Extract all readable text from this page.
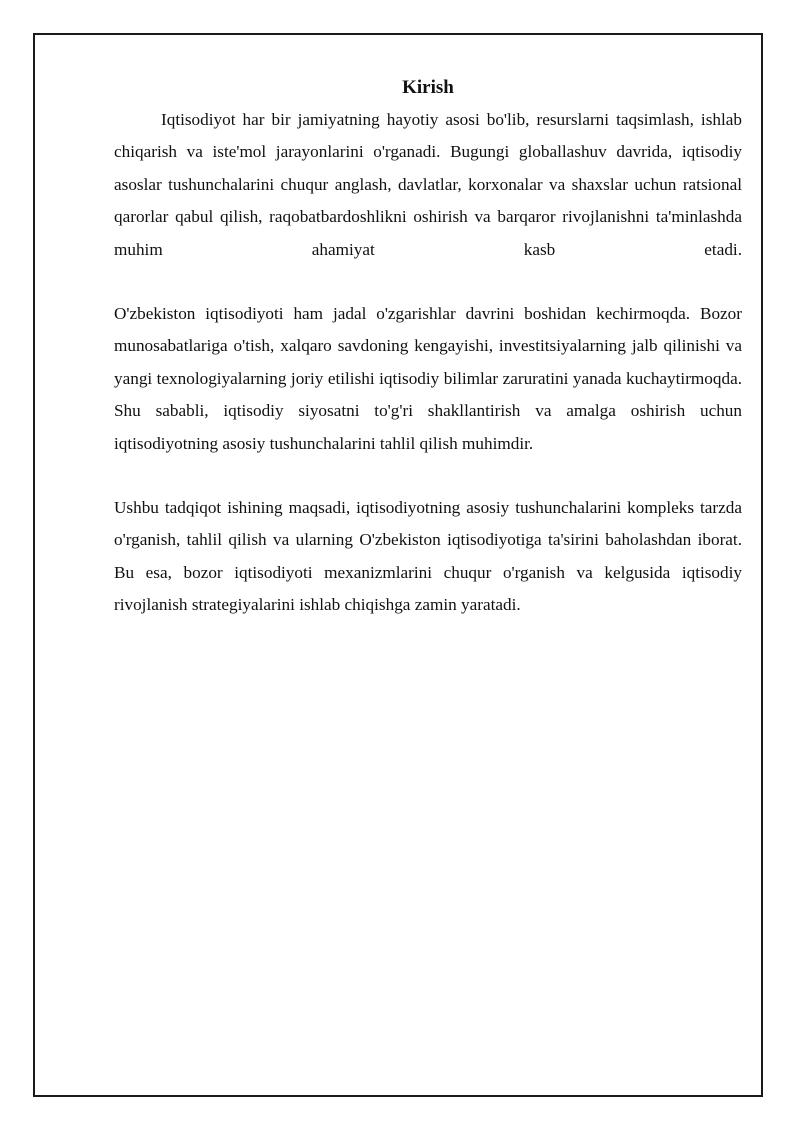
Kirish

Iqtisodiyot har bir jamiyatning hayotiy asosi bo'lib, resurslarni taqsimlash, ishlab chiqarish va iste'mol jarayonlarini o'rganadi. Bugungi globallashuv davrida, iqtisodiy asoslar tushunchalarini chuqur anglash, davlatlar, korxonalar va shaxslar uchun ratsional qarorlar qabul qilish, raqobatbardoshlikni oshirish va barqaror rivojlanishni ta'minlashda muhim ahamiyat kasb etadi.

O'zbekiston iqtisodiyoti ham jadal o'zgarishlar davrini boshidan kechirmoqda. Bozor munosabatlariga o'tish, xalqaro savdoning kengayishi, investitsiyalarning jalb qilinishi va yangi texnologiyalarning joriy etilishi iqtisodiy bilimlar zaruratini yanada kuchaytirmoqda. Shu sababli, iqtisodiy siyosatni to'g'ri shakllantirish va amalga oshirish uchun iqtisodiyotning asosiy tushunchalarini tahlil qilish muhimdir.

Ushbu tadqiqot ishining maqsadi, iqtisodiyotning asosiy tushunchalarini kompleks tarzda o'rganish, tahlil qilish va ularning O'zbekiston iqtisodiyotiga ta'sirini baholashdan iborat. Bu esa, bozor iqtisodiyoti mexanizmlarini chuqur o'rganish va kelgusida iqtisodiy rivojlanish strategiyalarini ishlab chiqishga zamin yaratadi.
